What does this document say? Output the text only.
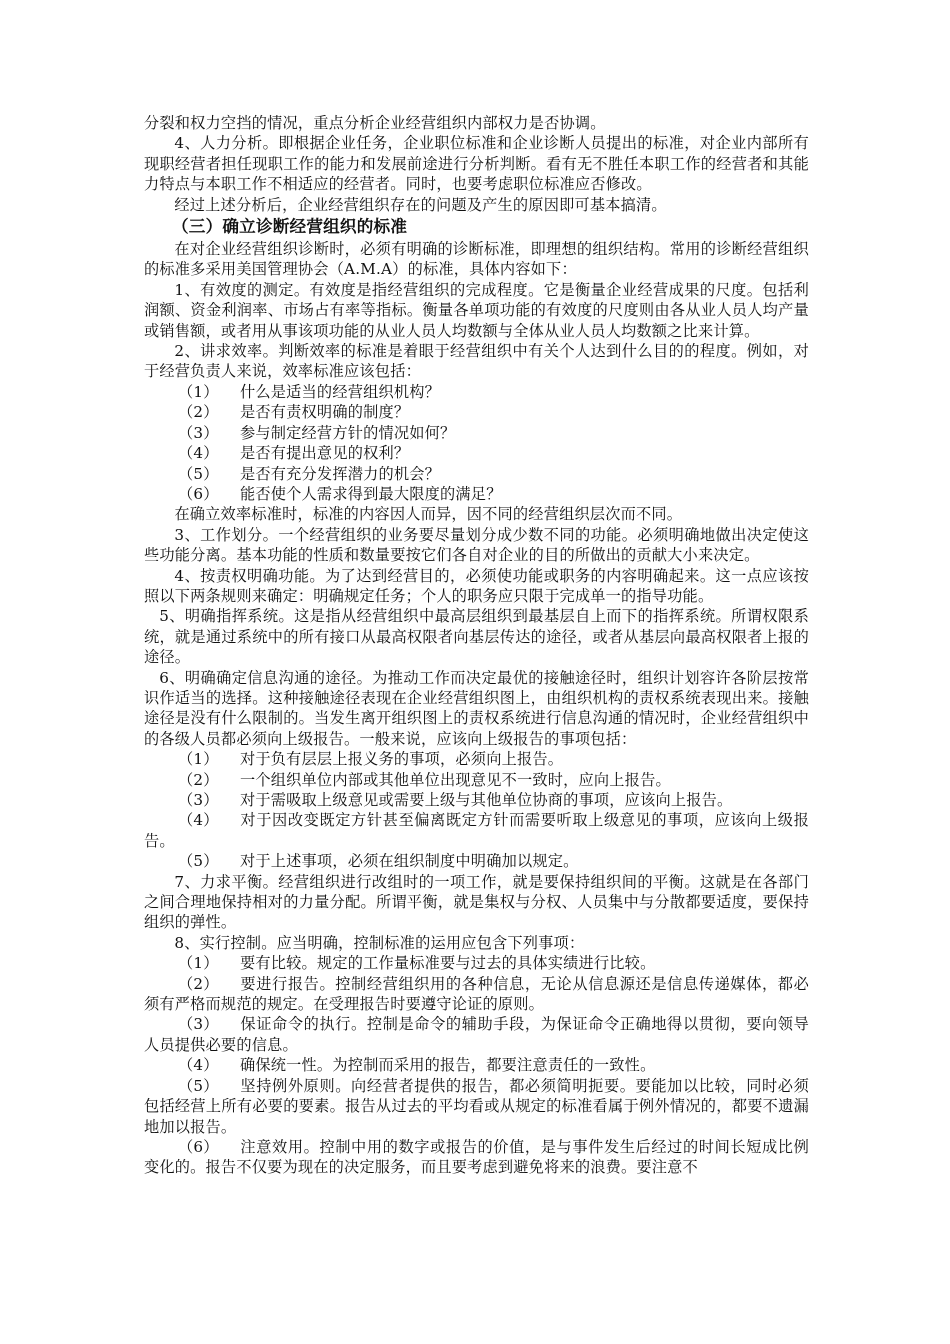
分裂和权力空挡的情况，重点分析企业经营组织内部权力是否协调。

4、人力分析。即根据企业任务，企业职位标准和企业诊断人员提出的标准，对企业内部所有现职经营者担任现职工作的能力和发展前途进行分析判断。看有无不胜任本职工作的经营者和其能力特点与本职工作不相适应的经营者。同时，也要考虑职位标准应否修改。

经过上述分析后，企业经营组织存在的问题及产生的原因即可基本搞清。

（三）确立诊断经营组织的标准

在对企业经营组织诊断时，必须有明确的诊断标准，即理想的组织结构。常用的诊断经营组织的标准多采用美国管理协会（A.M.A）的标准，具体内容如下：

1、有效度的测定。有效度是指经营组织的完成程度。它是衡量企业经营成果的尺度。包括利润额、资金利润率、市场占有率等指标。衡量各单项功能的有效度的尺度则由各从业人员人均产量或销售额，或者用从事该项功能的从业人员人均数额与全体从业人员人均数额之比来计算。

2、讲求效率。判断效率的标准是着眼于经营组织中有关个人达到什么目的的程度。例如，对于经营负责人来说，效率标准应该包括：

（1）	什么是适当的经营组织机构？
（2）	是否有责权明确的制度？
（3）	参与制定经营方针的情况如何？
（4）	是否有提出意见的权利？
（5）	是否有充分发挥潜力的机会？
（6）	能否使个人需求得到最大限度的满足？

在确立效率标准时，标准的内容因人而异，因不同的经营组织层次而不同。

3、工作划分。一个经营组织的业务要尽量划分成少数不同的功能。必须明确地做出决定使这些功能分离。基本功能的性质和数量要按它们各自对企业的目的所做出的贡献大小来决定。

4、按责权明确功能。为了达到经营目的，必须使功能或职务的内容明确起来。这一点应该按照以下两条规则来确定：明确规定任务；个人的职务应只限于完成单一的指导功能。

5、明确指挥系统。这是指从经营组织中最高层组织到最基层自上而下的指挥系统。所谓权限系统，就是通过系统中的所有接口从最高权限者向基层传达的途径，或者从基层向最高权限者上报的途径。

6、明确确定信息沟通的途径。为推动工作而决定最优的接触途径时，组织计划容许各阶层按常识作适当的选择。这种接触途径表现在企业经营组织图上，由组织机构的责权系统表现出来。接触途径是没有什么限制的。当发生离开组织图上的责权系统进行信息沟通的情况时，企业经营组织中的各级人员都必须向上级报告。一般来说，应该向上级报告的事项包括：

（1） 对于负有层层上报义务的事项，必须向上报告。

（2） 一个组织单位内部或其他单位出现意见不一致时，应向上报告。

（3） 对于需吸取上级意见或需要上级与其他单位协商的事项，应该向上报告。

（4） 对于因改变既定方针甚至偏离既定方针而需要听取上级意见的事项，应该向上级报告。

（5） 对于上述事项，必须在组织制度中明确加以规定。

7、力求平衡。经营组织进行改组时的一项工作，就是要保持组织间的平衡。这就是在各部门之间合理地保持相对的力量分配。所谓平衡，就是集权与分权、人员集中与分散都要适度，要保持组织的弹性。

8、实行控制。应当明确，控制标准的运用应包含下列事项：

（1） 要有比较。规定的工作量标准要与过去的具体实绩进行比较。

（2） 要进行报告。控制经营组织用的各种信息，无论从信息源还是信息传递媒体，都必须有严格而规范的规定。在受理报告时要遵守论证的原则。

（3） 保证命令的执行。控制是命令的辅助手段，为保证命令正确地得以贯彻，要向领导人员提供必要的信息。

（4） 确保统一性。为控制而采用的报告，都要注意责任的一致性。

（5） 坚持例外原则。向经营者提供的报告，都必须简明扼要。要能加以比较，同时必须包括经营上所有必要的要素。报告从过去的平均看或从规定的标准看属于例外情况的，都要不遗漏地加以报告。

（6） 注意效用。控制中用的数字或报告的价值，是与事件发生后经过的时间长短成比例变化的。报告不仅要为现在的决定服务，而且要考虑到避免将来的浪费。要注意不
